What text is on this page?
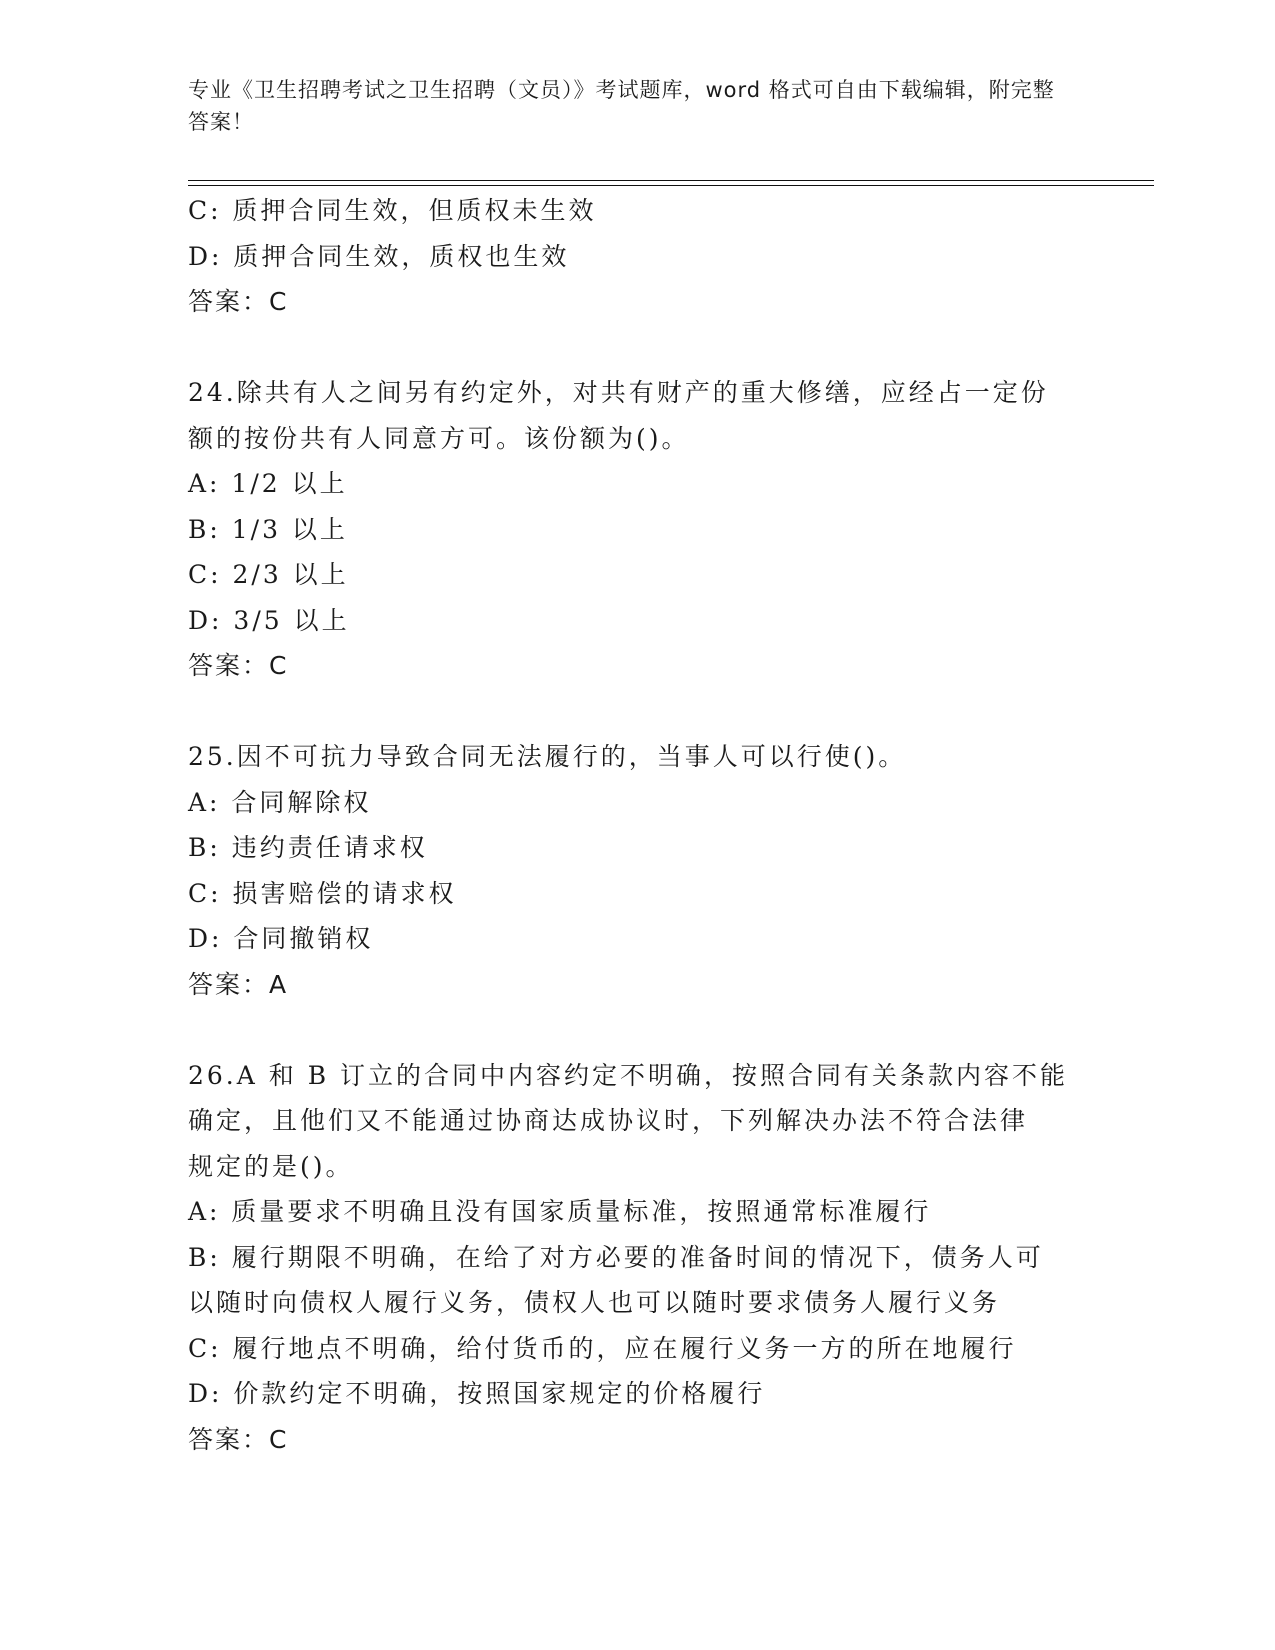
专业《卫生招聘考试之卫生招聘（文员）》考试题库，word 格式可自由下载编辑，附完整答案！
C: 质押合同生效，但质权未生效
D: 质押合同生效，质权也生效
答案：C
24.除共有人之间另有约定外，对共有财产的重大修缮，应经占一定份
额的按份共有人同意方可。该份额为()。
A: 1/2 以上
B: 1/3 以上
C: 2/3 以上
D: 3/5 以上
答案：C
25.因不可抗力导致合同无法履行的，当事人可以行使()。
A: 合同解除权
B: 违约责任请求权
C: 损害赔偿的请求权
D: 合同撤销权
答案：A
26.A 和 B 订立的合同中内容约定不明确，按照合同有关条款内容不能
确定，且他们又不能通过协商达成协议时，下列解决办法不符合法律
规定的是()。
A: 质量要求不明确且没有国家质量标准，按照通常标准履行
B: 履行期限不明确，在给了对方必要的准备时间的情况下，债务人可
以随时向债权人履行义务，债权人也可以随时要求债务人履行义务
C: 履行地点不明确，给付货币的，应在履行义务一方的所在地履行
D: 价款约定不明确，按照国家规定的价格履行
答案：C
